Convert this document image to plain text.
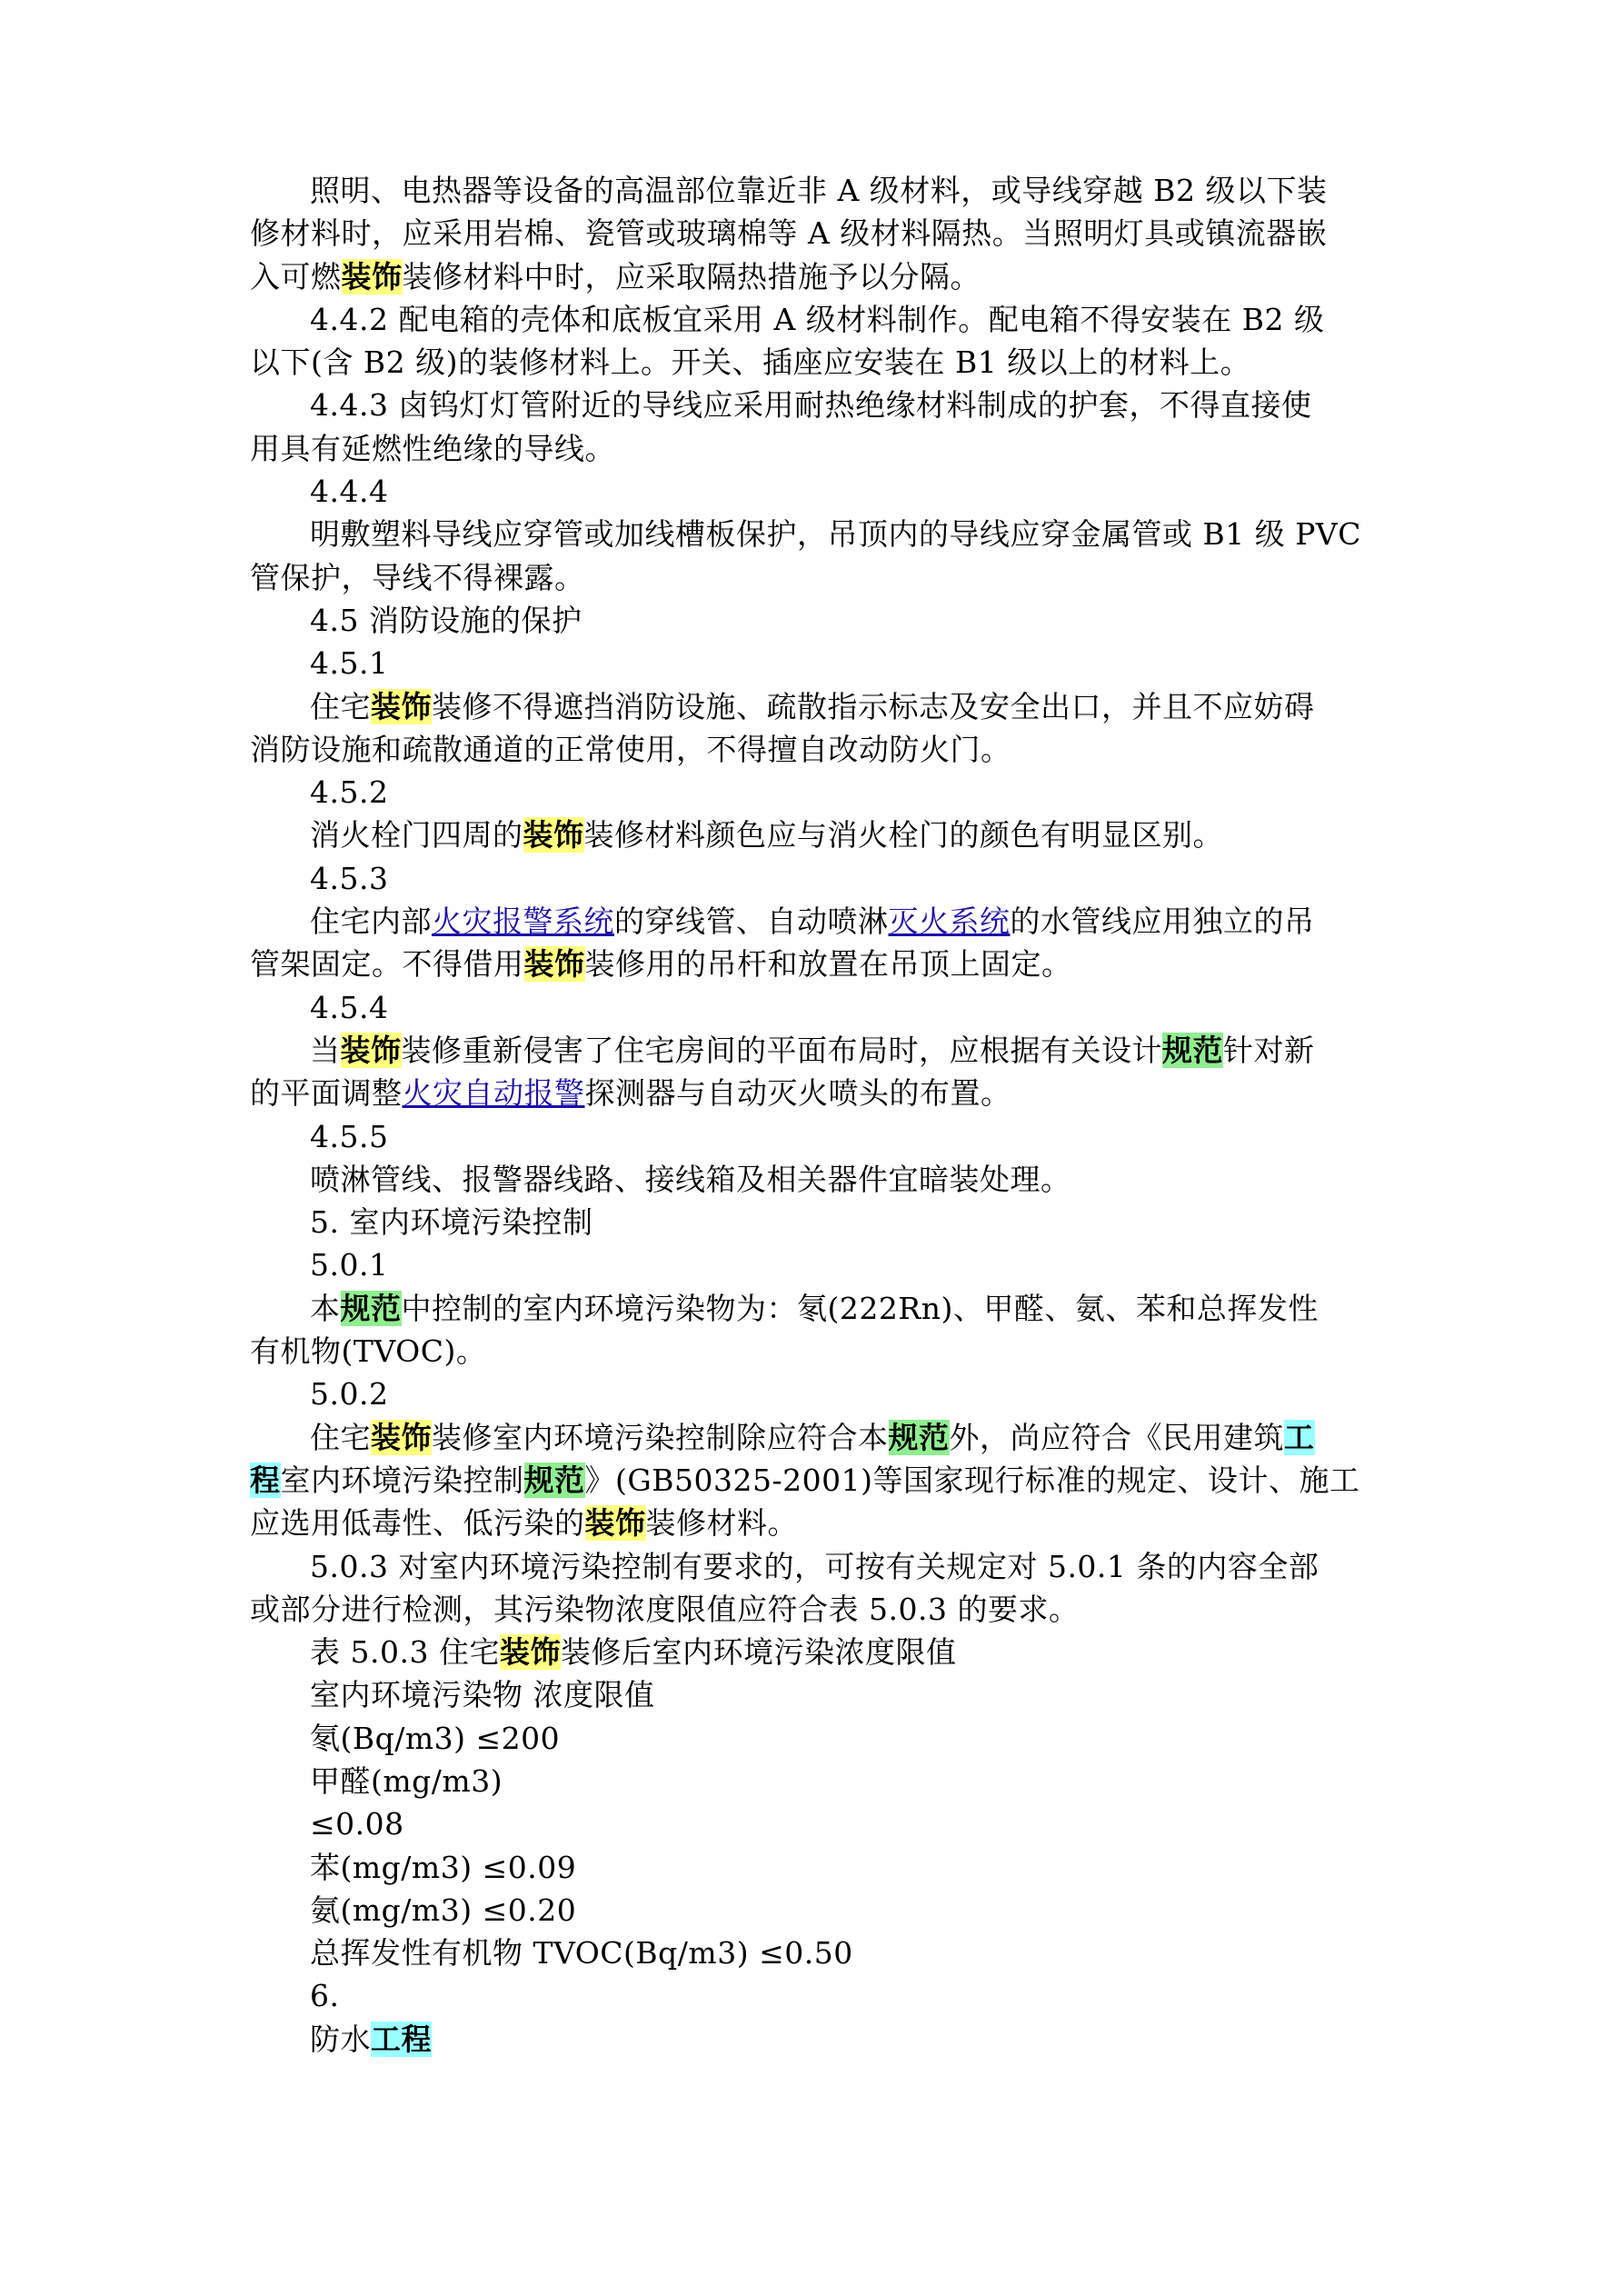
照明、电热器等设备的高温部位靠近非 A 级材料，或导线穿越 B2 级以下装
修材料时，应采用岩棉、瓷管或玻璃棉等 A 级材料隔热。当照明灯具或镇流器嵌
入可燃装饰装修材料中时，应采取隔热措施予以分隔。
4.4.2 配电箱的壳体和底板宜采用 A 级材料制作。配电箱不得安装在 B2 级
以下(含 B2 级)的装修材料上。开关、插座应安装在 B1 级以上的材料上。
4.4.3 卤钨灯灯管附近的导线应采用耐热绝缘材料制成的护套，不得直接使
用具有延燃性绝缘的导线。
4.4.4
明敷塑料导线应穿管或加线槽板保护，吊顶内的导线应穿金属管或 B1 级 PVC
管保护，导线不得裸露。
4.5 消防设施的保护
4.5.1
住宅装饰装修不得遮挡消防设施、疏散指示标志及安全出口，并且不应妨碍
消防设施和疏散通道的正常使用，不得擅自改动防火门。
4.5.2
消火栓门四周的装饰装修材料颜色应与消火栓门的颜色有明显区别。
4.5.3
住宅内部火灾报警系统的穿线管、自动喷淋灭火系统的水管线应用独立的吊
管架固定。不得借用装饰装修用的吊杆和放置在吊顶上固定。
4.5.4
当装饰装修重新侵害了住宅房间的平面布局时，应根据有关设计规范针对新
的平面调整火灾自动报警探测器与自动灭火喷头的布置。
4.5.5
喷淋管线、报警器线路、接线箱及相关器件宜暗装处理。
5. 室内环境污染控制
5.0.1
本规范中控制的室内环境污染物为：氡(222Rn)、甲醛、氨、苯和总挥发性
有机物(TVOC)。
5.0.2
住宅装饰装修室内环境污染控制除应符合本规范外，尚应符合《民用建筑工
程室内环境污染控制规范》(GB50325-2001)等国家现行标准的规定、设计、施工
应选用低毒性、低污染的装饰装修材料。
5.0.3 对室内环境污染控制有要求的，可按有关规定对 5.0.1 条的内容全部
或部分进行检测，其污染物浓度限值应符合表 5.0.3 的要求。
表 5.0.3 住宅装饰装修后室内环境污染浓度限值
室内环境污染物 浓度限值
氡(Bq/m3) ≤200
甲醛(mg/m3)
≤0.08
苯(mg/m3) ≤0.09
氨(mg/m3) ≤0.20
总挥发性有机物 TVOC(Bq/m3) ≤0.50
6.
防水工程
